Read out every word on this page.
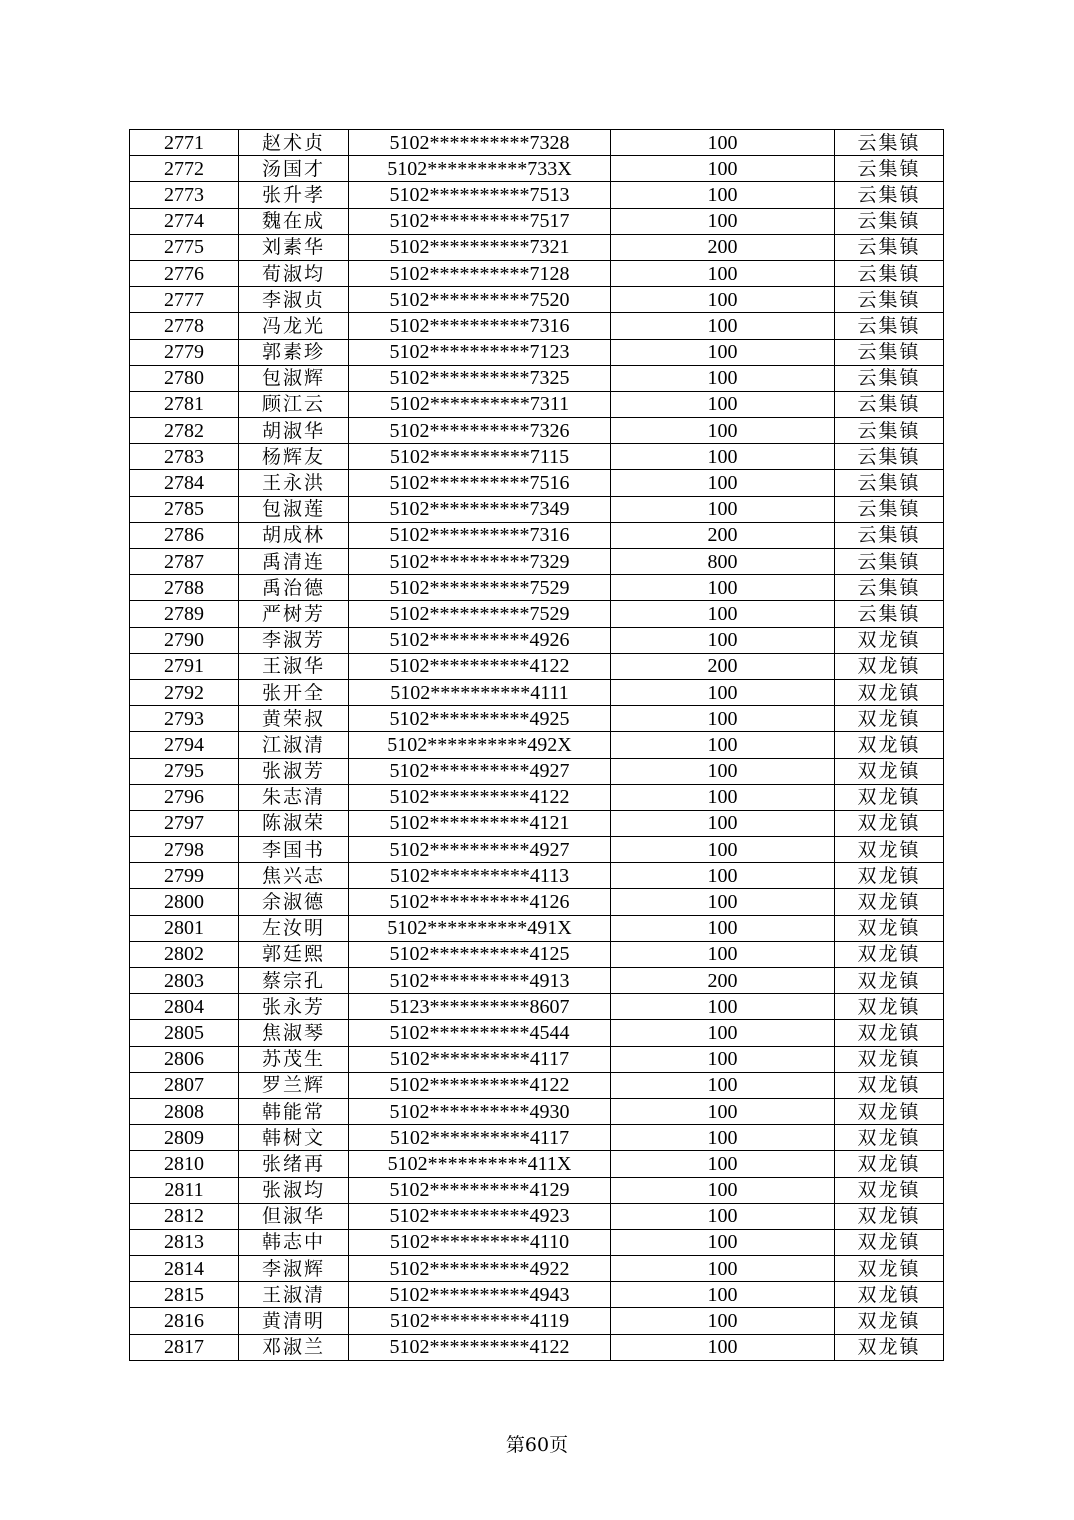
2771	赵术贞	5102**********7328	100	云集镇
2772	汤国才	5102**********733X	100	云集镇
2773	张升孝	5102**********7513	100	云集镇
2774	魏在成	5102**********7517	100	云集镇
2775	刘素华	5102**********7321	200	云集镇
2776	荀淑均	5102**********7128	100	云集镇
2777	李淑贞	5102**********7520	100	云集镇
2778	冯龙光	5102**********7316	100	云集镇
2779	郭素珍	5102**********7123	100	云集镇
2780	包淑辉	5102**********7325	100	云集镇
2781	顾江云	5102**********7311	100	云集镇
2782	胡淑华	5102**********7326	100	云集镇
2783	杨辉友	5102**********7115	100	云集镇
2784	王永洪	5102**********7516	100	云集镇
2785	包淑莲	5102**********7349	100	云集镇
2786	胡成林	5102**********7316	200	云集镇
2787	禹清连	5102**********7329	800	云集镇
2788	禹治德	5102**********7529	100	云集镇
2789	严树芳	5102**********7529	100	云集镇
2790	李淑芳	5102**********4926	100	双龙镇
2791	王淑华	5102**********4122	200	双龙镇
2792	张开全	5102**********4111	100	双龙镇
2793	黄荣叔	5102**********4925	100	双龙镇
2794	江淑清	5102**********492X	100	双龙镇
2795	张淑芳	5102**********4927	100	双龙镇
2796	朱志清	5102**********4122	100	双龙镇
2797	陈淑荣	5102**********4121	100	双龙镇
2798	李国书	5102**********4927	100	双龙镇
2799	焦兴志	5102**********4113	100	双龙镇
2800	余淑德	5102**********4126	100	双龙镇
2801	左汝明	5102**********491X	100	双龙镇
2802	郭廷熙	5102**********4125	100	双龙镇
2803	蔡宗孔	5102**********4913	200	双龙镇
2804	张永芳	5123**********8607	100	双龙镇
2805	焦淑琴	5102**********4544	100	双龙镇
2806	苏茂生	5102**********4117	100	双龙镇
2807	罗兰辉	5102**********4122	100	双龙镇
2808	韩能常	5102**********4930	100	双龙镇
2809	韩树文	5102**********4117	100	双龙镇
2810	张绪再	5102**********411X	100	双龙镇
2811	张淑均	5102**********4129	100	双龙镇
2812	但淑华	5102**********4923	100	双龙镇
2813	韩志中	5102**********4110	100	双龙镇
2814	李淑辉	5102**********4922	100	双龙镇
2815	王淑清	5102**********4943	100	双龙镇
2816	黄清明	5102**********4119	100	双龙镇
2817	邓淑兰	5102**********4122	100	双龙镇
第60页
